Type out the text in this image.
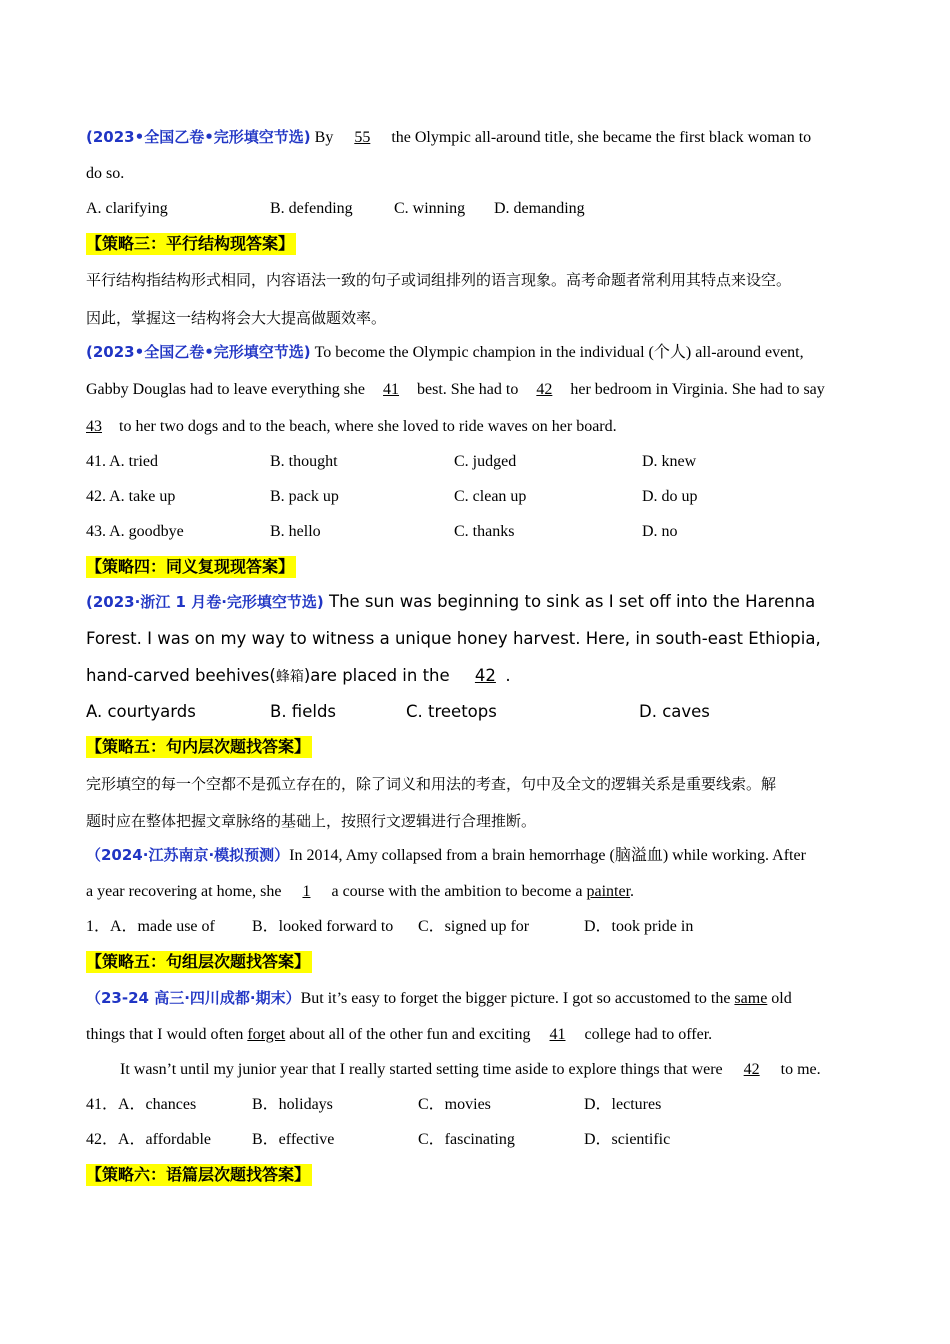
(2023•全国乙卷•完形填空节选) By 55 the Olympic all-around title, she became the first black woman to
do so.
A. clarifying	B. defending	C. winning D. demanding
【策略三：平行结构现答案】
平行结构指结构形式相同，内容语法一致的句子或词组排列的语言现象。高考命题者常利用其特点来设空。
因此，掌握这一结构将会大大提高做题效率。
(2023•全国乙卷•完形填空节选) To become the Olympic champion in the individual (个人) all-around event,
Gabby Douglas had to leave everything she 41 best. She had to 42 her bedroom in Virginia. She had to say
43 to her two dogs and to the beach, where she loved to ride waves on her board.
41. A. tried	B. thought	C. judged	D. knew
42. A. take up	B. pack up	C. clean up	D. do up
43. A. goodbye	B. hello	C. thanks	D. no
【策略四：同义复现现答案】
(2023·浙江 1 月卷·完形填空节选) The sun was beginning to sink as I set off into the Harenna
Forest. I was on my way to witness a unique honey harvest. Here, in south-east Ethiopia,
hand-carved beehives(蜂箱)are placed in the 42 .
A. courtyards	B. fields	C. treetops	D. caves
【策略五：句内层次题找答案】
完形填空的每一个空都不是孤立存在的，除了词义和用法的考查，句中及全文的逻辑关系是重要线索。解
题时应在整体把握文章脉络的基础上，按照行文逻辑进行合理推断。
（2024·江苏南京·模拟预测）In 2014, Amy collapsed from a brain hemorrhage (脑溢血) while working. After
a year recovering at home, she 1 a course with the ambition to become a painter.
1．A．made use of B．looked forward to C．signed up for	D．took pride in
【策略五：句组层次题找答案】
（23-24 高三·四川成都·期末）But it’s easy to forget the bigger picture. I got so accustomed to the same old
things that I would often forget about all of the other fun and exciting 41 college had to offer.
It wasn’t until my junior year that I really started setting time aside to explore things that were 42 to me.
41．A．chances	B．holidays	C．movies	D．lectures
42．A．affordable	B．effective	C．fascinating	D．scientific
【策略六：语篇层次题找答案】
